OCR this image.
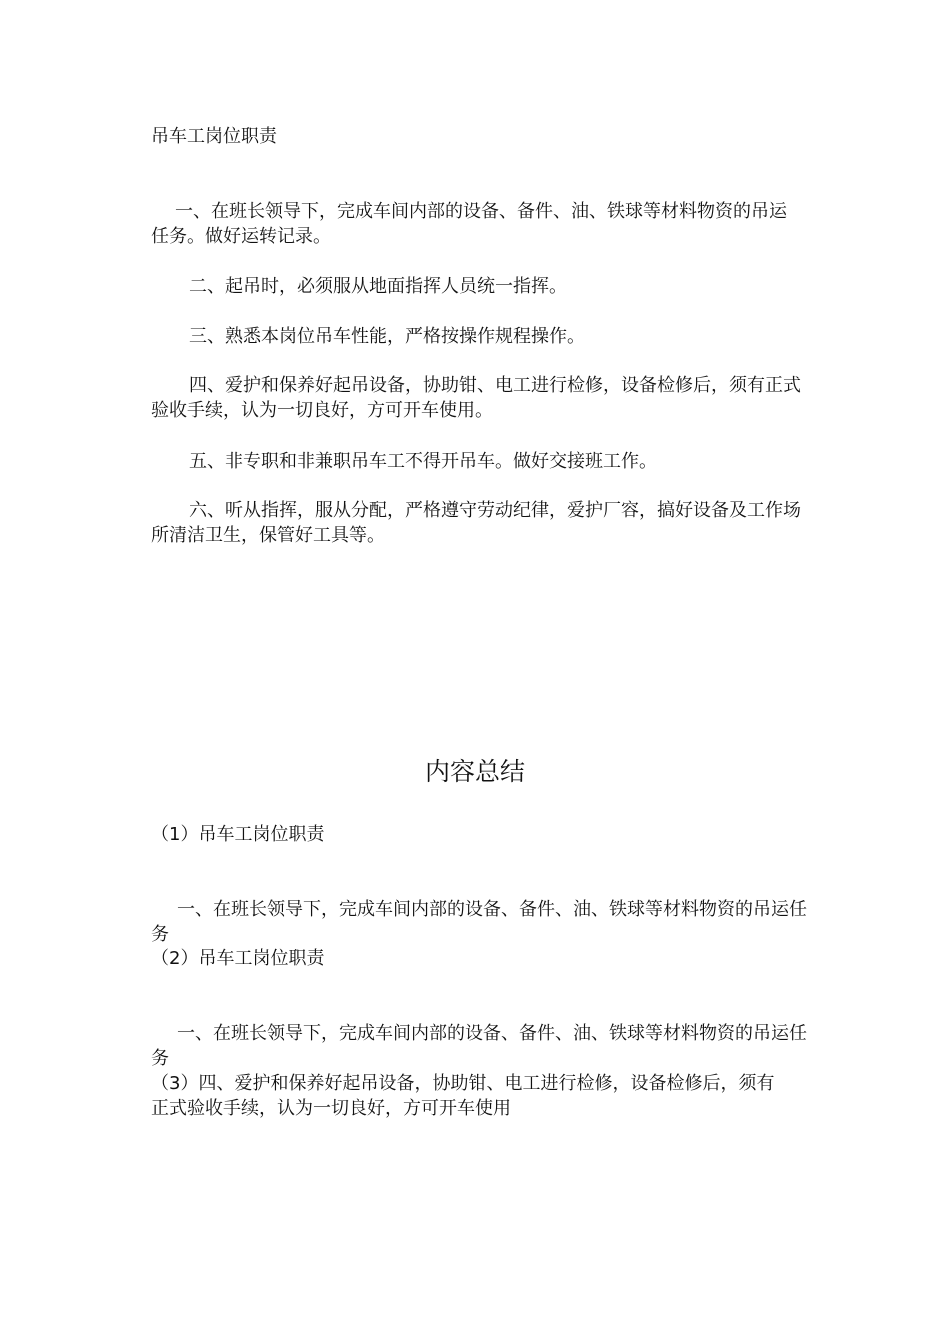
吊车工岗位职责
一、在班长领导下，完成车间内部的设备、备件、油、铁球等材料物资的吊运任务。做好运转记录。
二、起吊时，必须服从地面指挥人员统一指挥。
三、熟悉本岗位吊车性能，严格按操作规程操作。
四、爱护和保养好起吊设备，协助钳、电工进行检修，设备检修后，须有正式验收手续，认为一切良好，方可开车使用。
五、非专职和非兼职吊车工不得开吊车。做好交接班工作。
六、听从指挥，服从分配，严格遵守劳动纪律，爱护厂容，搞好设备及工作场所清洁卫生，保管好工具等。
内容总结
（1）吊车工岗位职责
一、在班长领导下，完成车间内部的设备、备件、油、铁球等材料物资的吊运任务
（2）吊车工岗位职责
一、在班长领导下，完成车间内部的设备、备件、油、铁球等材料物资的吊运任务
（3）四、爱护和保养好起吊设备，协助钳、电工进行检修，设备检修后，须有正式验收手续，认为一切良好，方可开车使用
